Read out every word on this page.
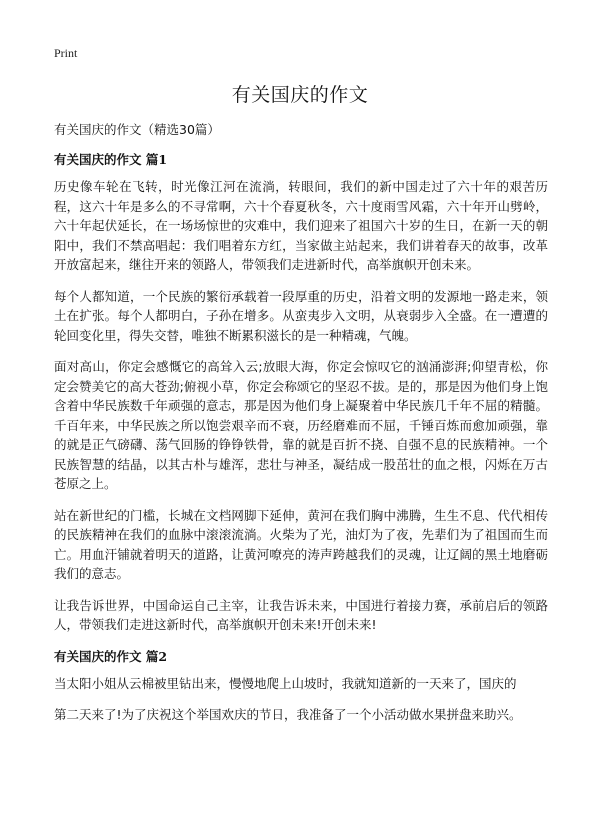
Print
有关国庆的作文

有关国庆的作文（精选30篇）

有关国庆的作文 篇1

历史像车轮在飞转，时光像江河在流淌，转眼间，我们的新中国走过了六十年的艰苦历程，这六十年是多么的不寻常啊，六十个春夏秋冬，六十度雨雪风霜，六十年开山劈岭，六十年起伏延长，在一场场惊世的灾难中，我们迎来了祖国六十岁的生日，在新一天的朝阳中，我们不禁高唱起：我们唱着东方红，当家做主站起来，我们讲着春天的故事，改革开放富起来，继往开来的领路人，带领我们走进新时代，高举旗帜开创未来。

每个人都知道，一个民族的繁衍承载着一段厚重的历史，沿着文明的发源地一路走来，领土在扩张。每个人都明白，子孙在增多。从蛮夷步入文明，从衰弱步入全盛。在一遭遭的轮回变化里，得失交替，唯独不断累积滋长的是一种精魂，气魄。

面对高山，你定会感慨它的高耸入云;放眼大海，你定会惊叹它的汹涌澎湃;仰望青松，你定会赞美它的高大苍劲;俯视小草，你定会称颂它的坚忍不拔。是的，那是因为他们身上饱含着中华民族数千年顽强的意志，那是因为他们身上凝聚着中华民族几千年不屈的精髓。千百年来，中华民族之所以饱尝艰辛而不衰，历经磨难而不屈，千锤百炼而愈加顽强，靠的就是正气磅礴、荡气回肠的铮铮铁骨，靠的就是百折不挠、自强不息的民族精神。一个民族智慧的结晶，以其古朴与雄浑，悲壮与神圣，凝结成一股茁壮的血之根，闪烁在万古苍原之上。

站在新世纪的门槛，长城在文档网脚下延伸，黄河在我们胸中沸腾，生生不息、代代相传的民族精神在我们的血脉中滚滚流淌。火柴为了光，油灯为了夜，先辈们为了祖国而生而亡。用血汗铺就着明天的道路，让黄河嘹亮的涛声跨越我们的灵魂，让辽阔的黑土地磨砺我们的意志。

让我告诉世界，中国命运自己主宰，让我告诉未来，中国进行着接力赛，承前启后的领路人，带领我们走进这新时代，高举旗帜开创未来!开创未来!

有关国庆的作文 篇2

当太阳小姐从云棉被里钻出来，慢慢地爬上山坡时，我就知道新的一天来了，国庆的

第二天来了!为了庆祝这个举国欢庆的节日，我准备了一个小活动做水果拼盘来助兴。
